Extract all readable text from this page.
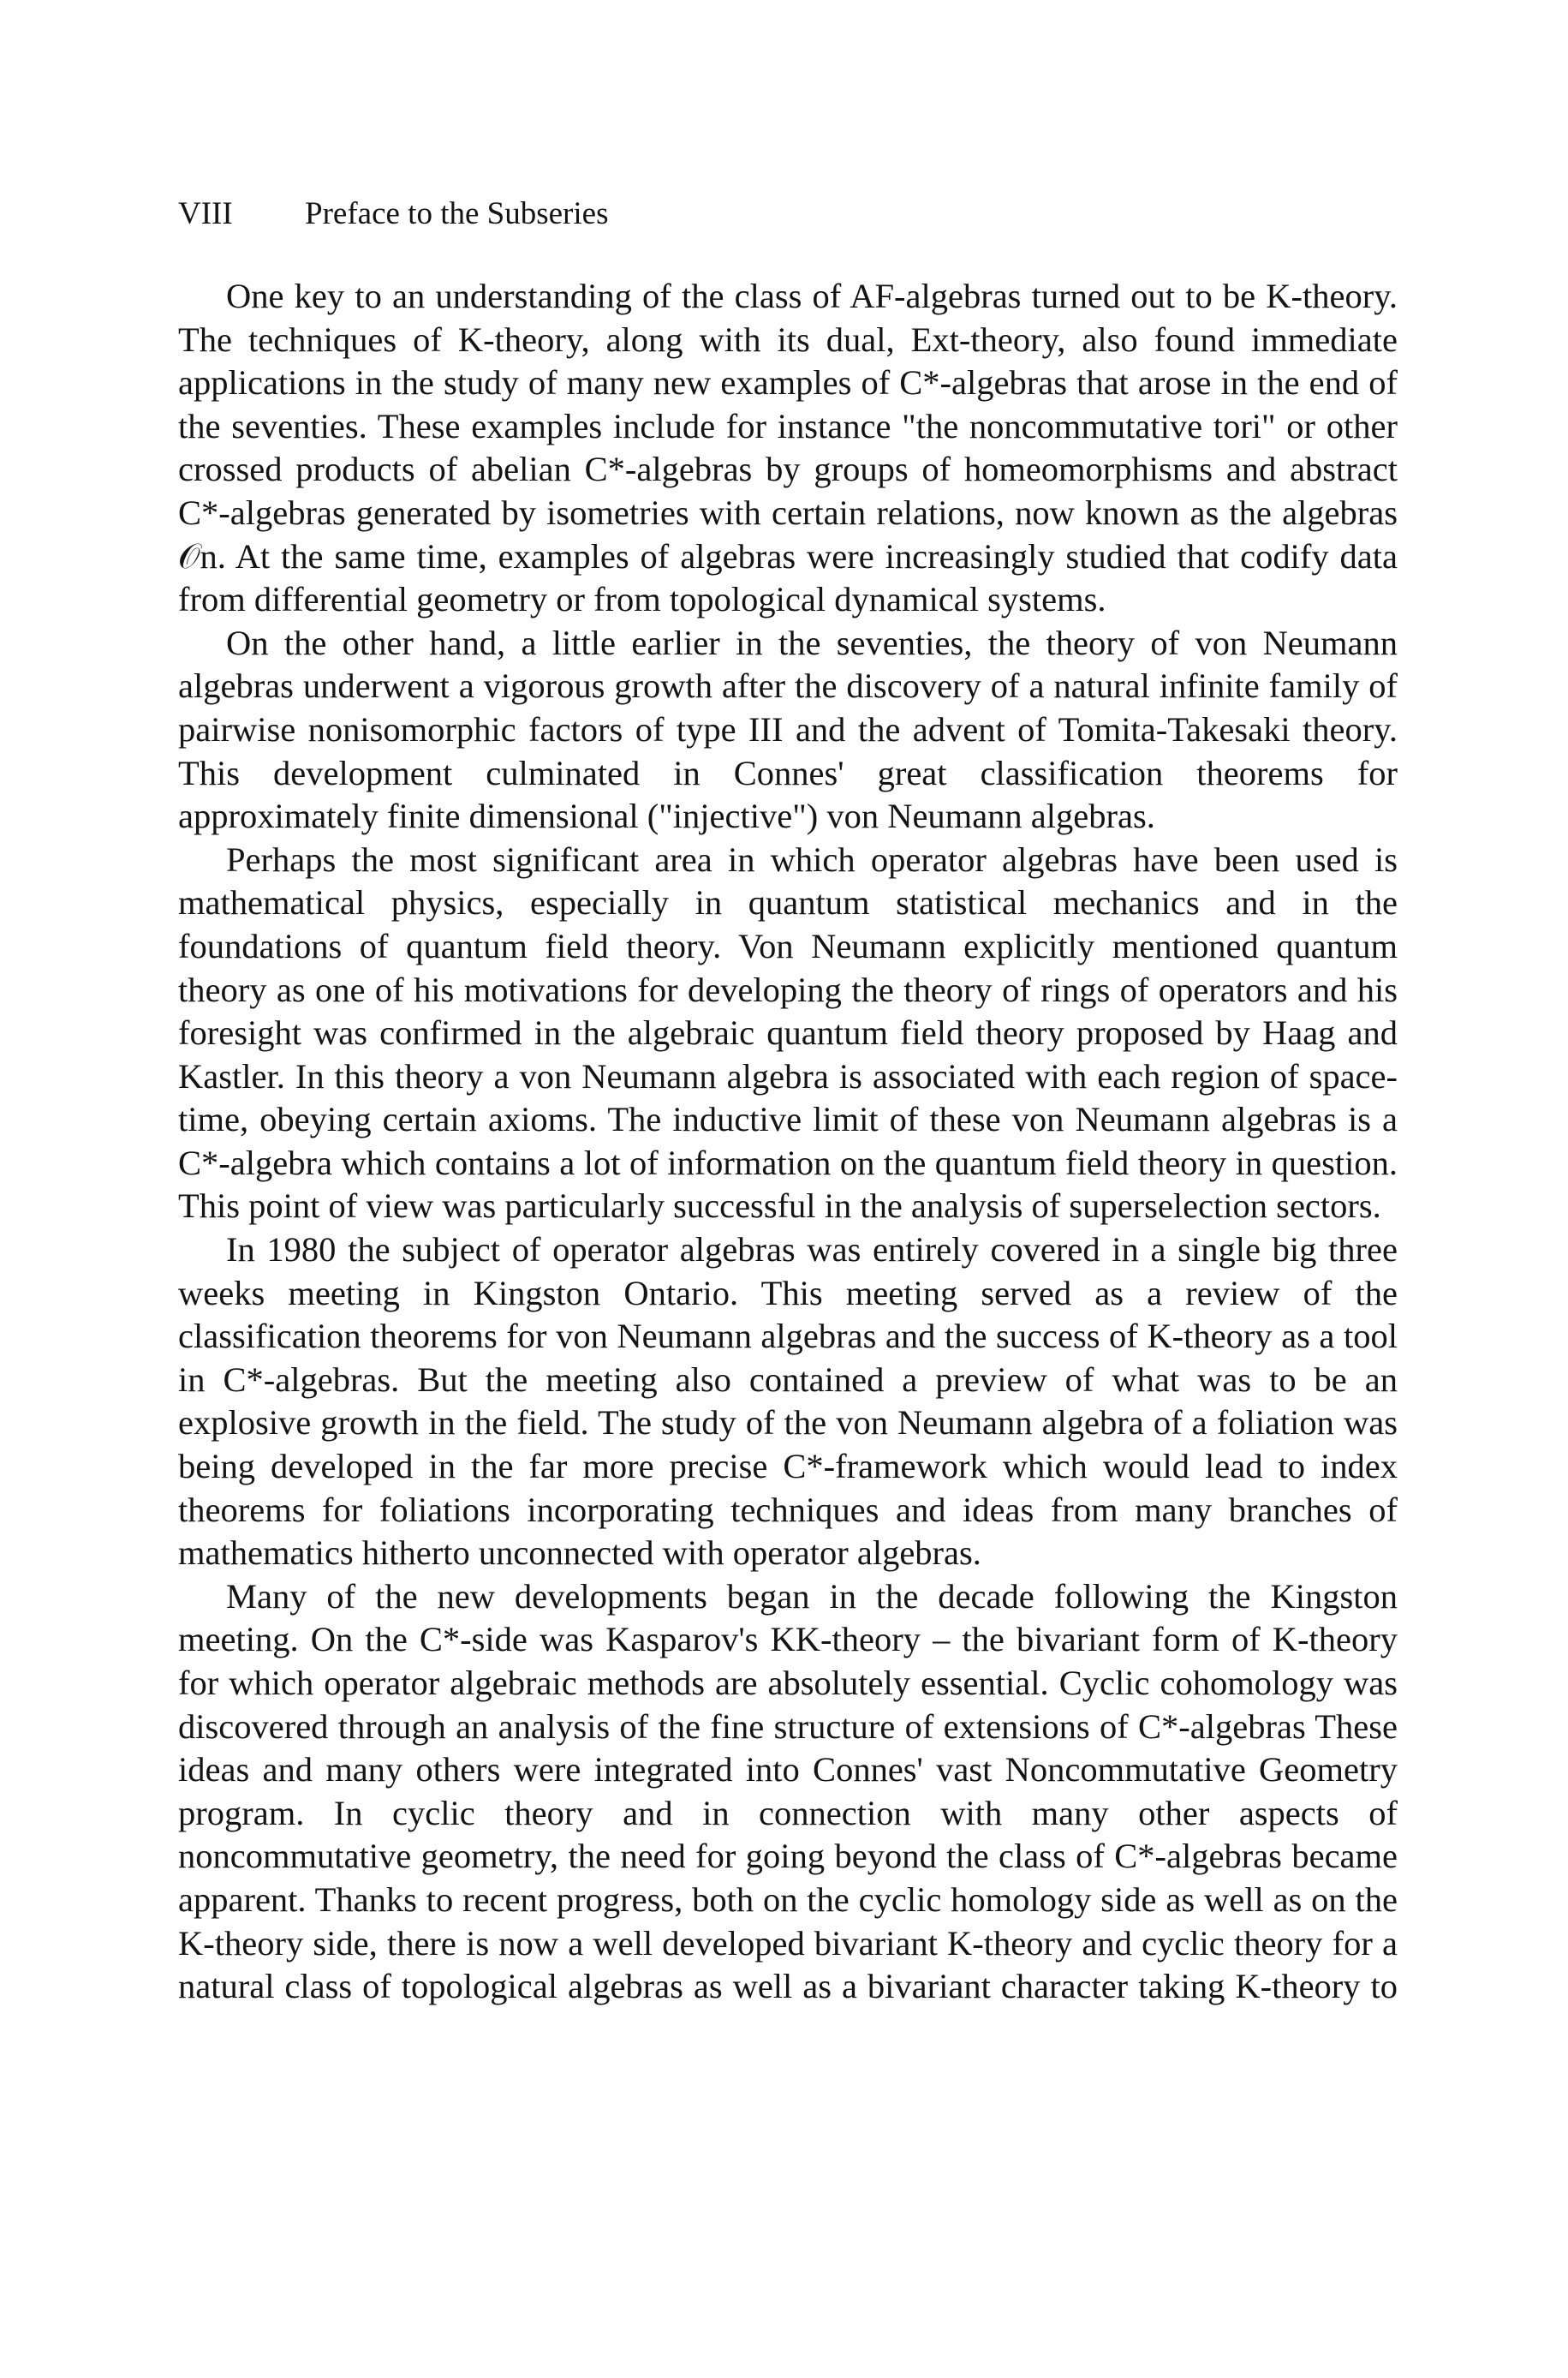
VIII Preface to the Subseries

One key to an understanding of the class of AF-algebras turned out to be K-theory. The techniques of K-theory, along with its dual, Ext-theory, also found immediate applications in the study of many new examples of C*-algebras that arose in the end of the seventies. These examples include for instance "the noncommutative tori" or other crossed products of abelian C*-algebras by groups of homeomorphisms and abstract C*-algebras generated by isometries with certain relations, now known as the algebras 𝒪n. At the same time, examples of algebras were increasingly studied that codify data from differential geometry or from topological dynamical systems.

On the other hand, a little earlier in the seventies, the theory of von Neumann algebras underwent a vigorous growth after the discovery of a natural infinite family of pairwise nonisomorphic factors of type III and the advent of Tomita-Takesaki theory. This development culminated in Connes' great classification theorems for approximately finite dimensional ("injective") von Neumann algebras.

Perhaps the most significant area in which operator algebras have been used is mathematical physics, especially in quantum statistical mechanics and in the foundations of quantum field theory. Von Neumann explicitly mentioned quantum theory as one of his motivations for developing the theory of rings of operators and his foresight was confirmed in the algebraic quantum field theory proposed by Haag and Kastler. In this theory a von Neumann algebra is associated with each region of space-time, obeying certain axioms. The inductive limit of these von Neumann algebras is a C*-algebra which contains a lot of information on the quantum field theory in question. This point of view was particularly successful in the analysis of superselection sectors.

In 1980 the subject of operator algebras was entirely covered in a single big three weeks meeting in Kingston Ontario. This meeting served as a review of the classification theorems for von Neumann algebras and the success of K-theory as a tool in C*-algebras. But the meeting also contained a preview of what was to be an explosive growth in the field. The study of the von Neumann algebra of a foliation was being developed in the far more precise C*-framework which would lead to index theorems for foliations incorporating techniques and ideas from many branches of mathematics hitherto unconnected with operator algebras.

Many of the new developments began in the decade following the Kingston meeting. On the C*-side was Kasparov's KK-theory – the bivariant form of K-theory for which operator algebraic methods are absolutely essential. Cyclic cohomology was discovered through an analysis of the fine structure of extensions of C*-algebras These ideas and many others were integrated into Connes' vast Noncommutative Geometry program. In cyclic theory and in connection with many other aspects of noncommutative geometry, the need for going beyond the class of C*-algebras became apparent. Thanks to recent progress, both on the cyclic homology side as well as on the K-theory side, there is now a well developed bivariant K-theory and cyclic theory for a natural class of topological algebras as well as a bivariant character taking K-theory to
